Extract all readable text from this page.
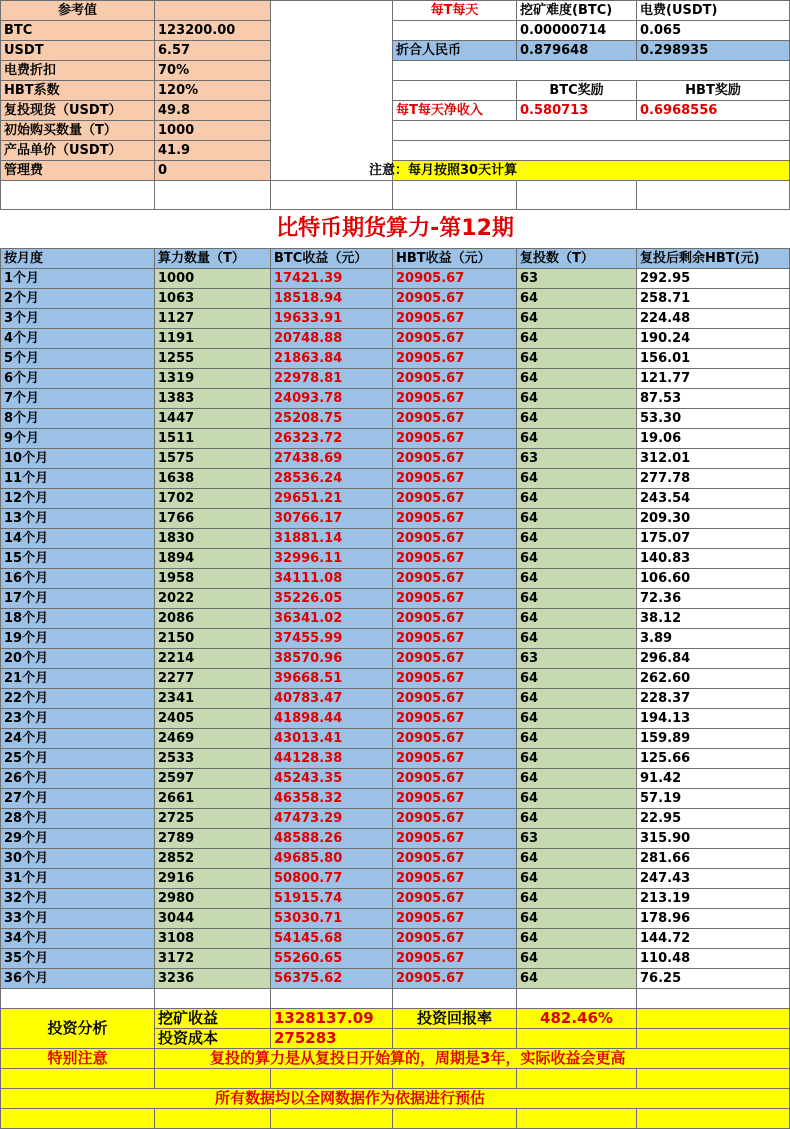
参考值			每T每天	挖矿难度(BTC)	电费(USDT)
BTC	123200.00			0.00000714	0.065
USDT	6.57		折合人民币	0.879648	0.298935
电费折扣	70%				
HBT系数	120%			BTC奖励	HBT奖励
复投现货（USDT）	49.8		每T每天净收入	0.580713	0.6968556
初始购买数量（T）	1000				
产品单价（USDT）	41.9				
管理费	0		注意：每月按照30天计算		

比特币期货算力-第12期					
按月度	算力数量（T）	BTC收益（元）	HBT收益（元）	复投数（T）	复投后剩余HBT(元)
1个月	1000	17421.39	20905.67	63	292.95
2个月	1063	18518.94	20905.67	64	258.71
3个月	1127	19633.91	20905.67	64	224.48
4个月	1191	20748.88	20905.67	64	190.24
5个月	1255	21863.84	20905.67	64	156.01
6个月	1319	22978.81	20905.67	64	121.77
7个月	1383	24093.78	20905.67	64	87.53
8个月	1447	25208.75	20905.67	64	53.30
9个月	1511	26323.72	20905.67	64	19.06
10个月	1575	27438.69	20905.67	63	312.01
11个月	1638	28536.24	20905.67	64	277.78
12个月	1702	29651.21	20905.67	64	243.54
13个月	1766	30766.17	20905.67	64	209.30
14个月	1830	31881.14	20905.67	64	175.07
15个月	1894	32996.11	20905.67	64	140.83
16个月	1958	34111.08	20905.67	64	106.60
17个月	2022	35226.05	20905.67	64	72.36
18个月	2086	36341.02	20905.67	64	38.12
19个月	2150	37455.99	20905.67	64	3.89
20个月	2214	38570.96	20905.67	63	296.84
21个月	2277	39668.51	20905.67	64	262.60
22个月	2341	40783.47	20905.67	64	228.37
23个月	2405	41898.44	20905.67	64	194.13
24个月	2469	43013.41	20905.67	64	159.89
25个月	2533	44128.38	20905.67	64	125.66
26个月	2597	45243.35	20905.67	64	91.42
27个月	2661	46358.32	20905.67	64	57.19
28个月	2725	47473.29	20905.67	64	22.95
29个月	2789	48588.26	20905.67	63	315.90
30个月	2852	49685.80	20905.67	64	281.66
31个月	2916	50800.77	20905.67	64	247.43
32个月	2980	51915.74	20905.67	64	213.19
33个月	3044	53030.71	20905.67	64	178.96
34个月	3108	54145.68	20905.67	64	144.72
35个月	3172	55260.65	20905.67	64	110.48
36个月	3236	56375.62	20905.67	64	76.25

投资分析	挖矿收益	1328137.09	投资回报率	482.46%	
	投资成本	275283			
特别注意	复投的算力是从复投日开始算的，周期是3年，实际收益会更高				

所有数据均以全网数据作为依据进行预估					
